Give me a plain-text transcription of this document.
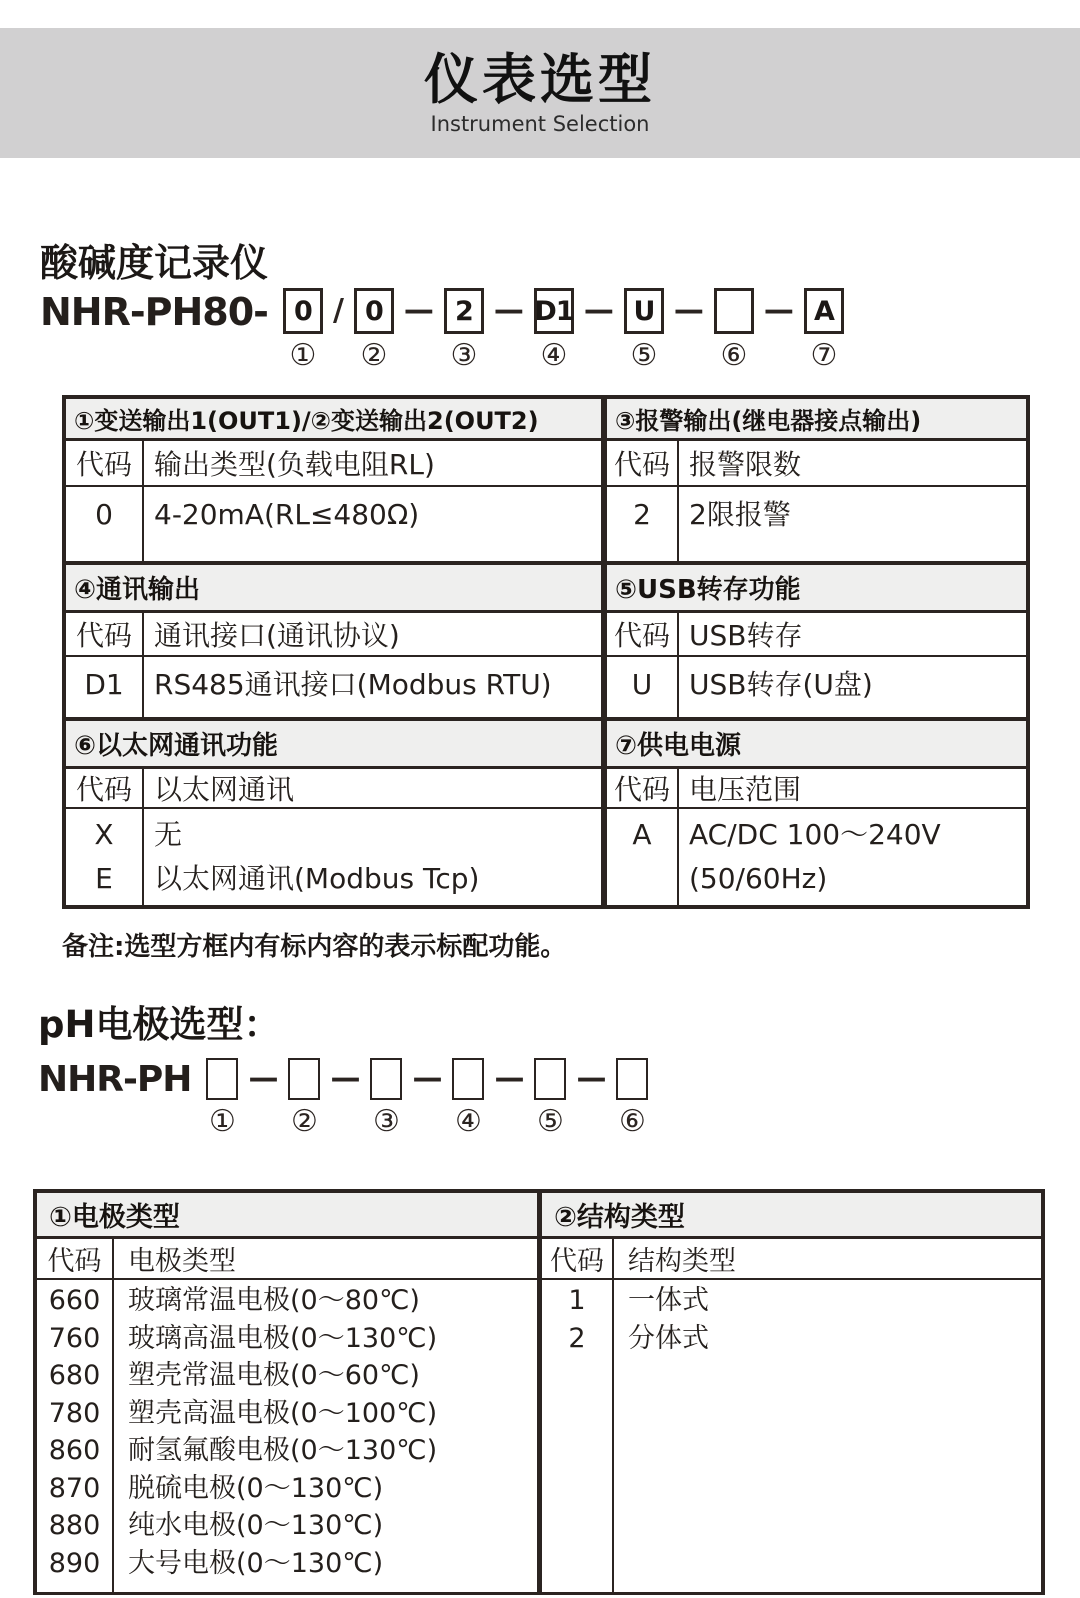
仪表选型
Instrument Selection
酸碱度记录仪
NHR-PH80- 0
①
/ 0
②
— 2
③
— D1
④
— U
⑤
—
⑥
— A
⑦
①变送输出1(OUT1)/②变送输出2(OUT2)
代码 输出类型(负载电阻RL)
0 4-20mA(RL≤480Ω)
③报警输出(继电器接点输出)
代码 报警限数
2 2限报警
④通讯输出
代码 通讯接口(通讯协议)
D1 RS485通讯接口(Modbus RTU)
⑤USB转存功能
代码 USB转存
U USB转存(U盘)
⑥以太网通讯功能
代码 以太网通讯
X
E
无
以太网通讯(Modbus Tcp)
⑦供电电源
代码 电压范围
A AC/DC 100～240V
(50/60Hz)
备注:选型方框内有标内容的表示标配功能。
pH电极选型：
NHR-PH
①
—
②
—
③
—
④
—
⑤
—
⑥
①电极类型
代码 电极类型
660
760
680
780
860
870
880
890
玻璃常温电极(0～80℃)
玻璃高温电极(0～130℃)
塑壳常温电极(0～60℃)
塑壳高温电极(0～100℃)
耐氢氟酸电极(0～130℃)
脱硫电极(0～130℃)
纯水电极(0～130℃)
大号电极(0～130℃)
②结构类型
代码 结构类型
1
2
一体式
分体式
